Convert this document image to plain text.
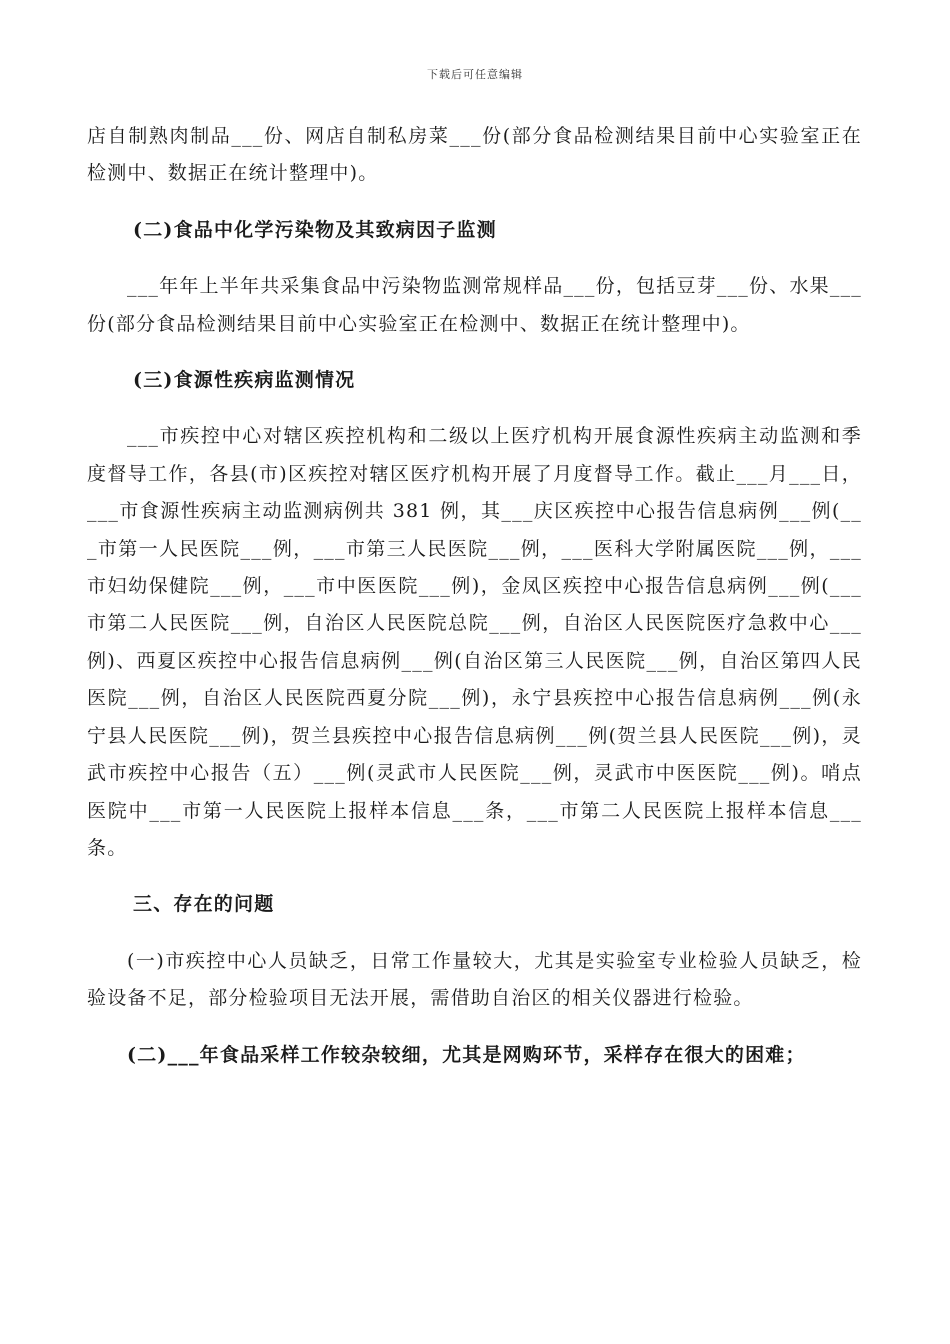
下载后可任意编辑

店自制熟肉制品___份、网店自制私房菜___份(部分食品检测结果目前中心实验室正在检测中、数据正在统计整理中)。

(二)食品中化学污染物及其致病因子监测

___年年上半年共采集食品中污染物监测常规样品___份，包括豆芽___份、水果___份(部分食品检测结果目前中心实验室正在检测中、数据正在统计整理中)。

(三)食源性疾病监测情况

___市疾控中心对辖区疾控机构和二级以上医疗机构开展食源性疾病主动监测和季度督导工作，各县(市)区疾控对辖区医疗机构开展了月度督导工作。截止___月___日，___市食源性疾病主动监测病例共 381 例，其___庆区疾控中心报告信息病例___例(___市第一人民医院___例，___市第三人民医院___例，___医科大学附属医院___例，___市妇幼保健院___例，___市中医医院___例)，金凤区疾控中心报告信息病例___例(___市第二人民医院___例，自治区人民医院总院___例，自治区人民医院医疗急救中心___例)、西夏区疾控中心报告信息病例___例(自治区第三人民医院___例，自治区第四人民医院___例，自治区人民医院西夏分院___例)，永宁县疾控中心报告信息病例___例(永宁县人民医院___例)，贺兰县疾控中心报告信息病例___例(贺兰县人民医院___例)，灵武市疾控中心报告（五）___例(灵武市人民医院___例，灵武市中医医院___例)。哨点医院中___市第一人民医院上报样本信息___条，___市第二人民医院上报样本信息___条。

三、存在的问题

(一)市疾控中心人员缺乏，日常工作量较大，尤其是实验室专业检验人员缺乏，检验设备不足，部分检验项目无法开展，需借助自治区的相关仪器进行检验。

(二)___年食品采样工作较杂较细，尤其是网购环节，采样存在很大的困难；
